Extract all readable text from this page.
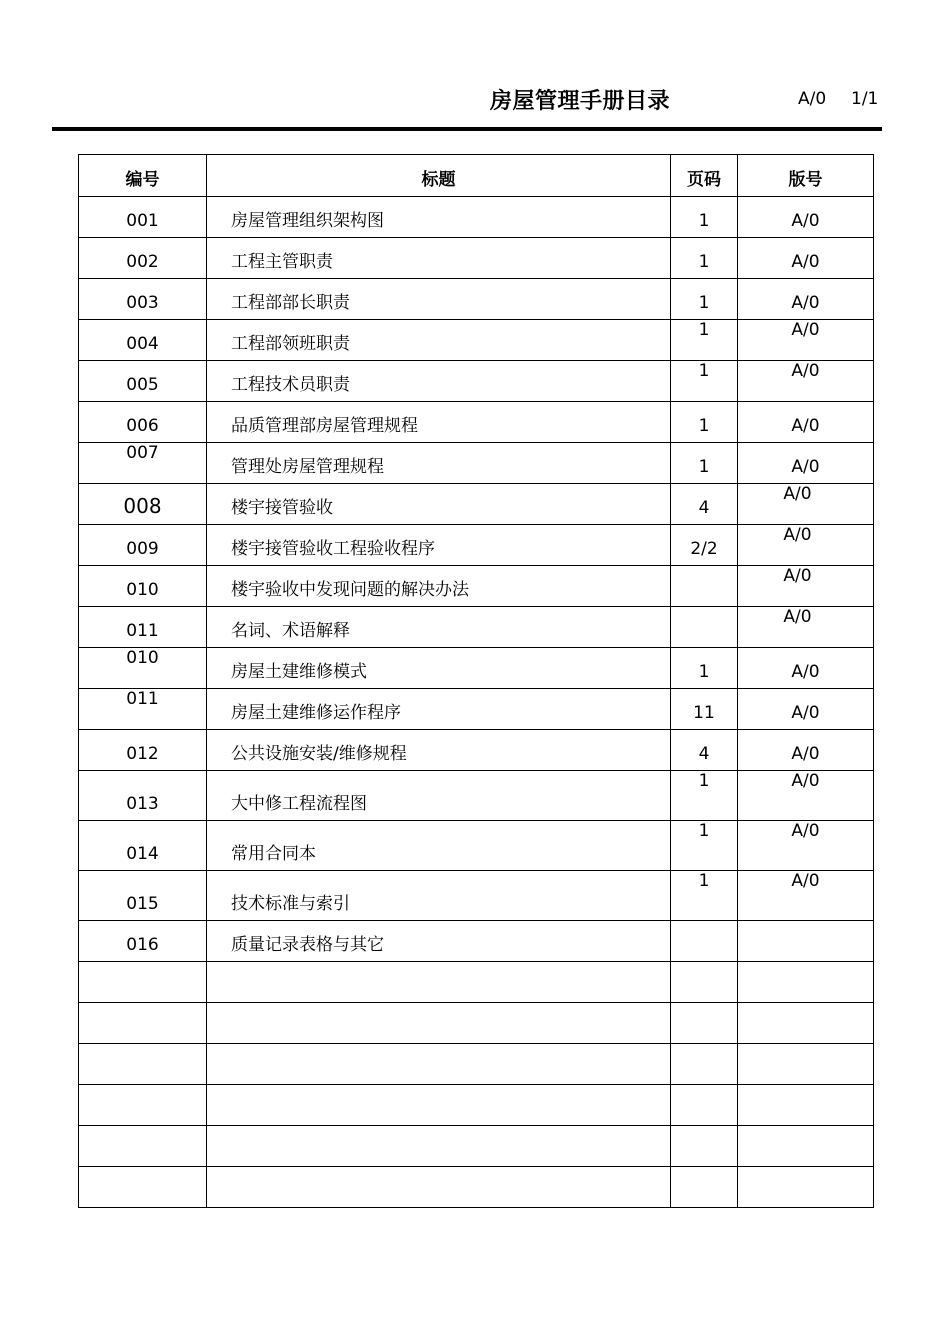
房屋管理手册目录	A/0 1/1
编号	标题	页码	版号
001	房屋管理组织架构图	1	A/0
002	工程主管职责	1	A/0
003	工程部部长职责	1	A/0
004	工程部领班职责	1	A/0
005	工程技术员职责	1	A/0
006	品质管理部房屋管理规程	1	A/0
007	管理处房屋管理规程	1	A/0
008	楼宇接管验收	4	A/0
009	楼宇接管验收工程验收程序	2/2	A/0
010	楼宇验收中发现问题的解决办法		A/0
011	名词、术语解释		A/0
010	房屋土建维修模式	1	A/0
011	房屋土建维修运作程序	11	A/0
012	公共设施安装/维修规程	4	A/0
013	大中修工程流程图	1	A/0
014	常用合同本	1	A/0
015	技术标准与索引	1	A/0
016	质量记录表格与其它		
